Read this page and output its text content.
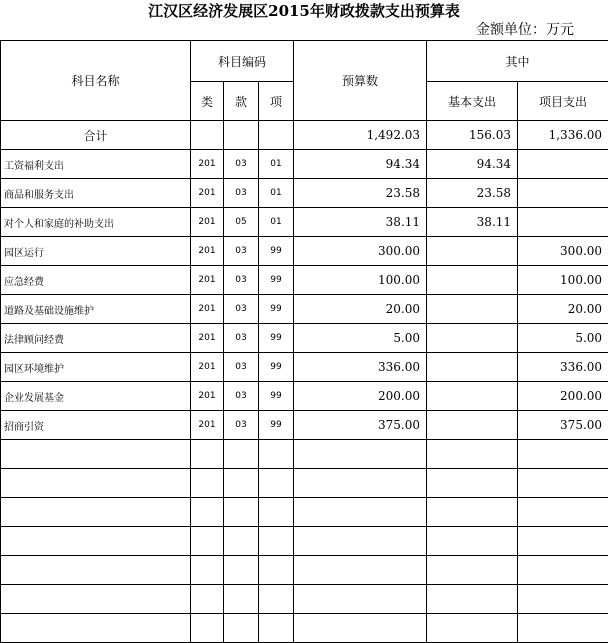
江汉区经济发展区2015年财政拨款支出预算表
金额单位：万元
科目名称	科目编码			预算数	其中	
	类	款	项		基本支出	项目支出
合计				1,492.03	156.03	1,336.00
工资福利支出	201	03	01	94.34	94.34	
商品和服务支出	201	03	01	23.58	23.58	
对个人和家庭的补助支出	201	05	01	38.11	38.11	
园区运行	201	03	99	300.00		300.00
应急经费	201	03	99	100.00		100.00
道路及基础设施维护	201	03	99	20.00		20.00
法律顾问经费	201	03	99	5.00		5.00
园区环境维护	201	03	99	336.00		336.00
企业发展基金	201	03	99	200.00		200.00
招商引资	201	03	99	375.00		375.00
